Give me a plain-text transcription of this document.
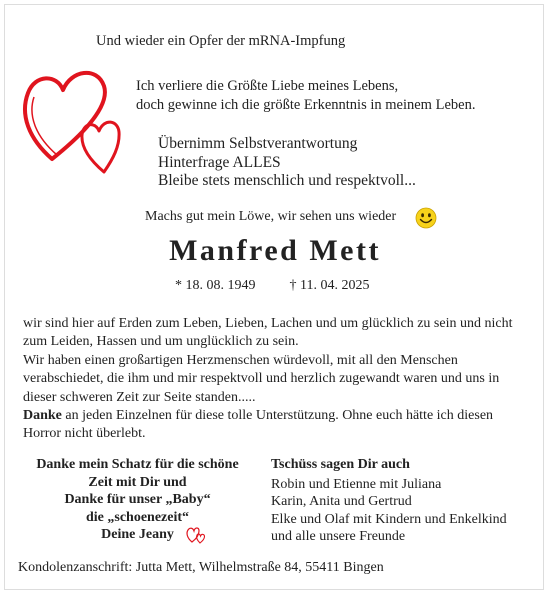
Und wieder ein Opfer der mRNA-Impfung
Ich verliere die Größte Liebe meines Lebens,
doch gewinne ich die größte Erkenntnis in meinem Leben.
Übernimm Selbstverantwortung
Hinterfrage ALLES
Bleibe stets menschlich und respektvoll...
Machs gut mein Löwe, wir sehen uns wieder
Manfred Mett
* 18. 08. 1949 † 11. 04. 2025

wir sind hier auf Erden zum Leben, Lieben, Lachen und um glücklich zu sein und nicht zum Leiden, Hassen und um unglücklich zu sein.

Wir haben einen großartigen Herzmenschen würdevoll, mit all den Menschen verabschiedet, die ihm und mir respektvoll und herzlich zugewandt waren und uns in dieser schweren Zeit zur Seite standen.....

Danke an jeden Einzelnen für diese tolle Unterstützung. Ohne euch hätte ich diesen Horror nicht überlebt.

Danke mein Schatz für die schöne
Zeit mit Dir und
Danke für unser „Baby“
die „schoenezeit“
Deine Jeany
Tschüss sagen Dir auch
Robin und Etienne mit Juliana
Karin, Anita und Gertrud
Elke und Olaf mit Kindern und Enkelkind
und alle unsere Freunde
Kondolenzanschrift: Jutta Mett, Wilhelmstraße 84, 55411 Bingen
